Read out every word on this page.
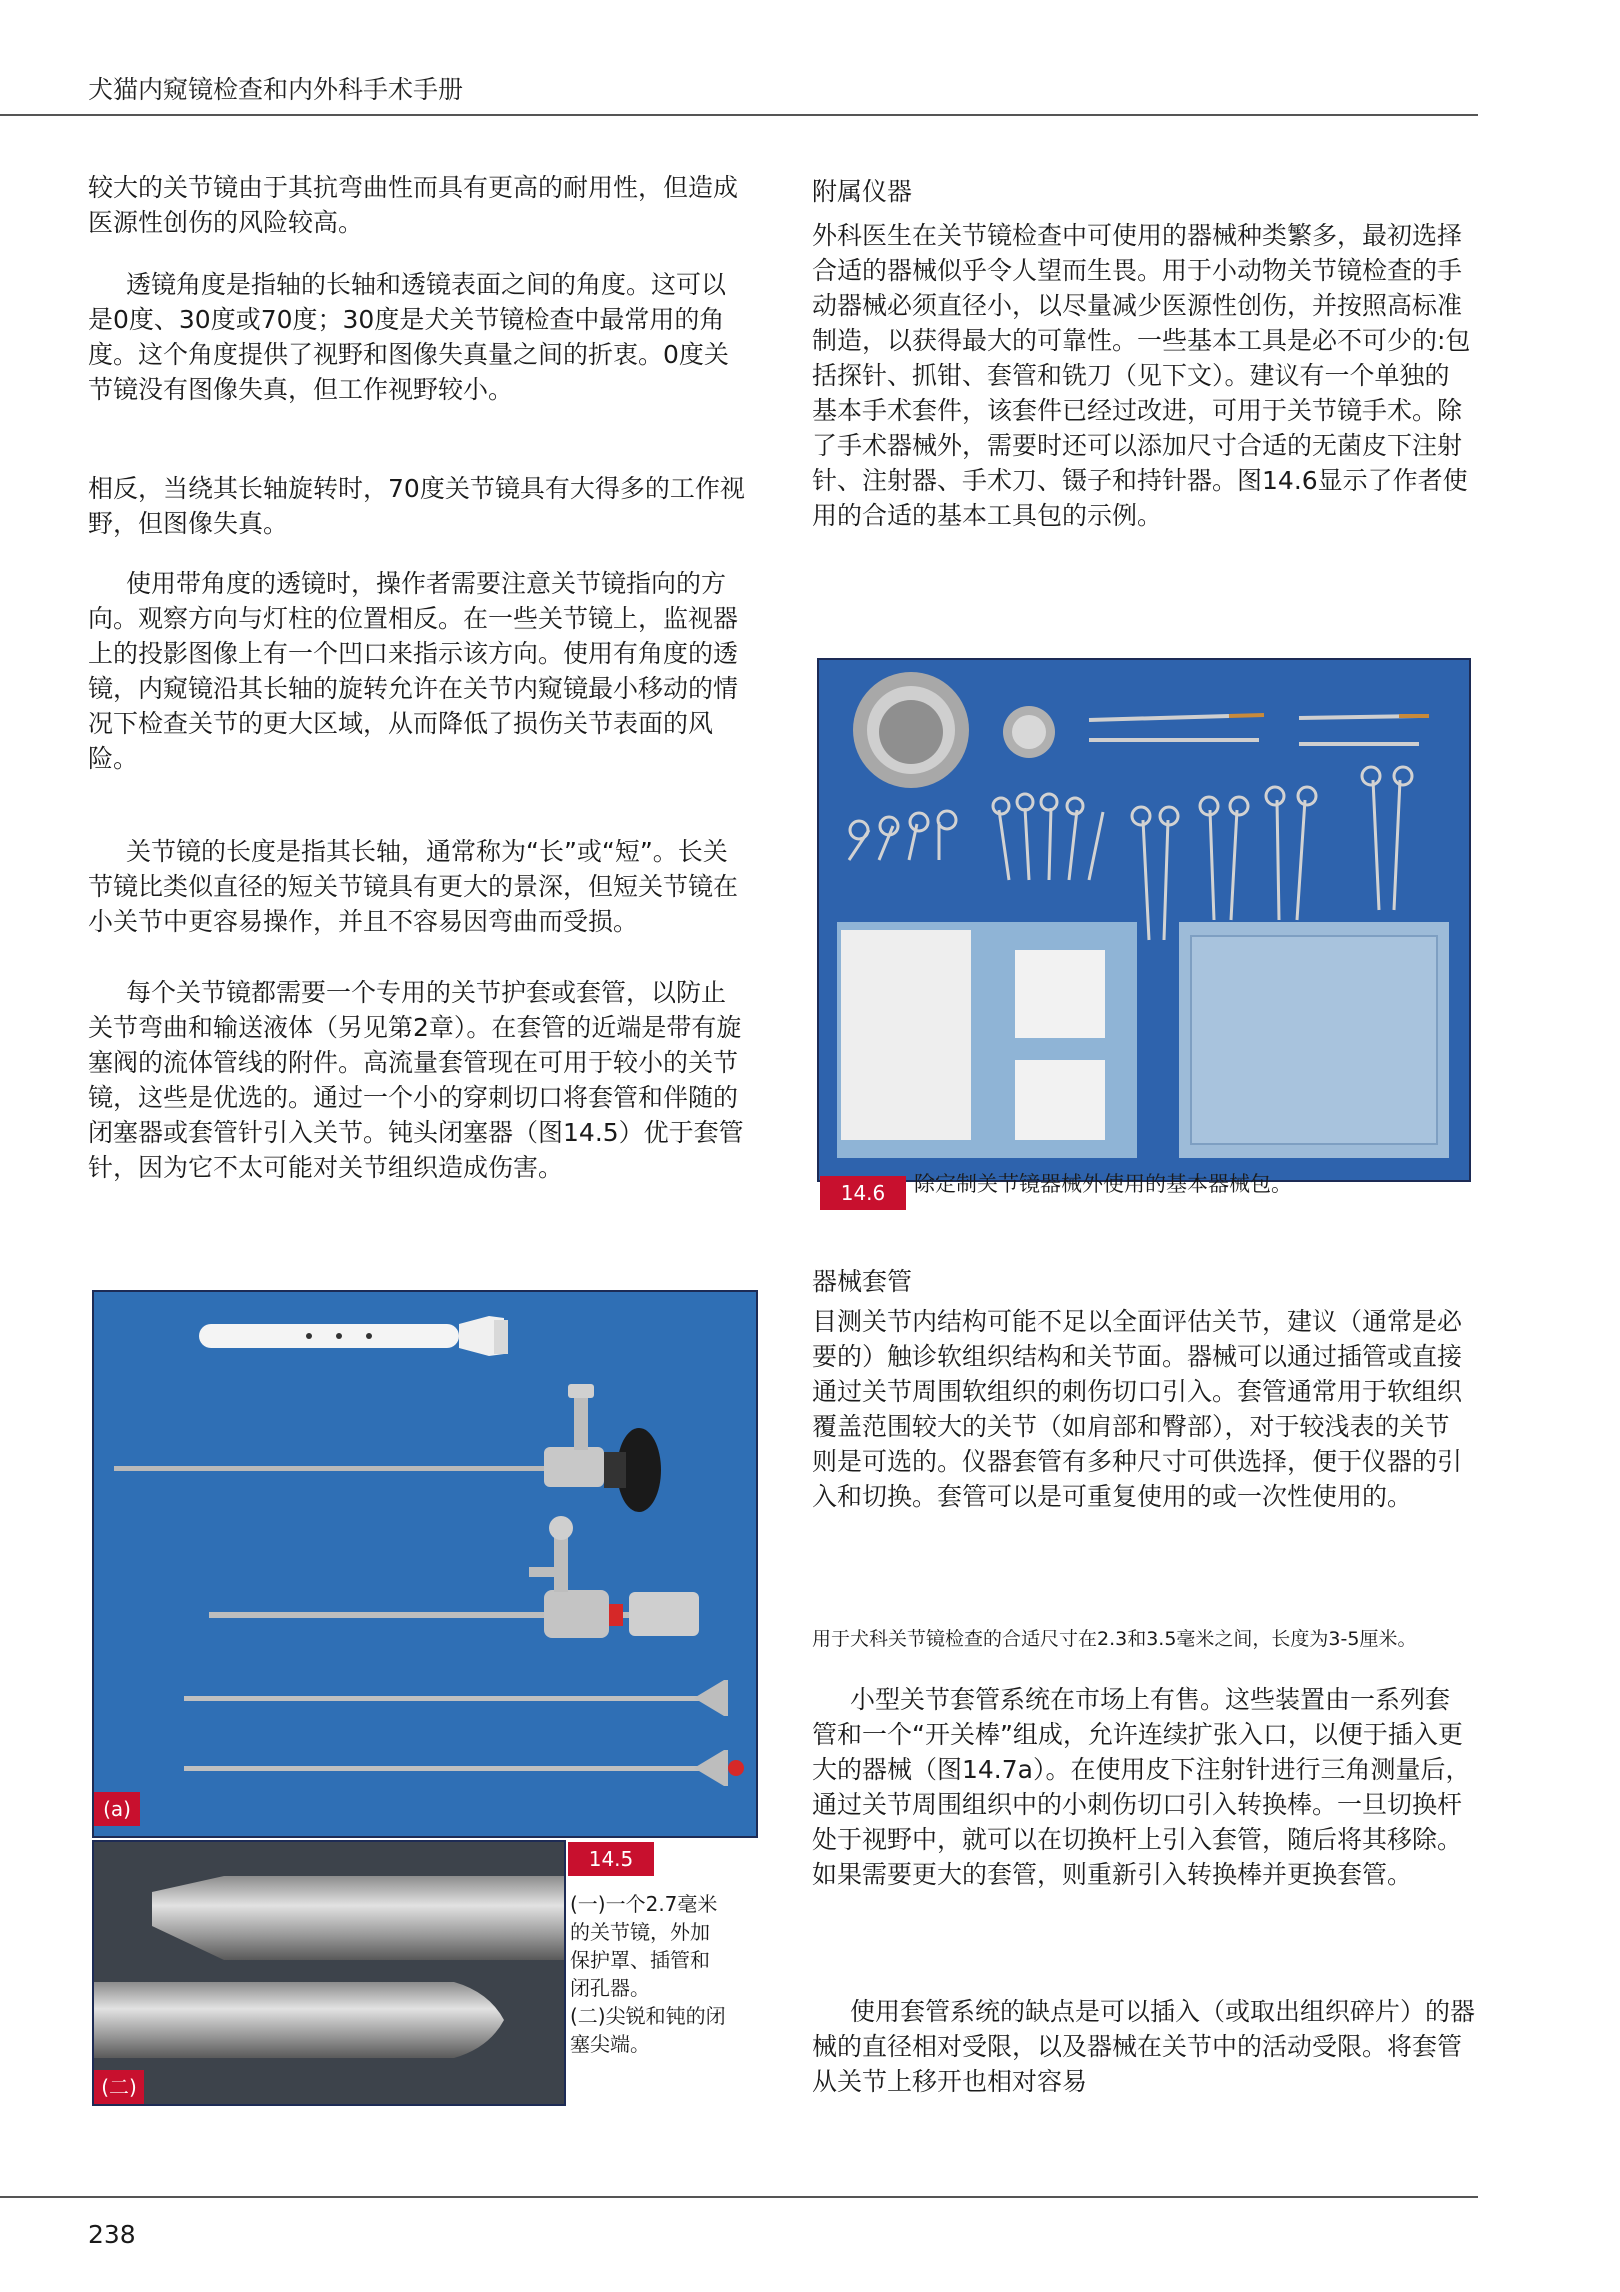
犬猫内窥镜检查和内外科手术手册

较大的关节镜由于其抗弯曲性而具有更高的耐用性，但造成医源性创伤的风险较高。

透镜角度是指轴的长轴和透镜表面之间的角度。这可以是0度、30度或70度；30度是犬关节镜检查中最常用的角度。这个角度提供了视野和图像失真量之间的折衷。0度关节镜没有图像失真，但工作视野较小。

相反，当绕其长轴旋转时，70度关节镜具有大得多的工作视野，但图像失真。

使用带角度的透镜时，操作者需要注意关节镜指向的方向。观察方向与灯柱的位置相反。在一些关节镜上，监视器上的投影图像上有一个凹口来指示该方向。使用有角度的透镜，内窥镜沿其长轴的旋转允许在关节内窥镜最小移动的情况下检查关节的更大区域，从而降低了损伤关节表面的风险。

关节镜的长度是指其长轴，通常称为“长”或“短”。长关节镜比类似直径的短关节镜具有更大的景深，但短关节镜在小关节中更容易操作，并且不容易因弯曲而受损。

每个关节镜都需要一个专用的关节护套或套管，以防止关节弯曲和输送液体（另见第2章）。在套管的近端是带有旋塞阀的流体管线的附件。高流量套管现在可用于较小的关节镜，这些是优选的。通过一个小的穿刺切口将套管和伴随的闭塞器或套管针引入关节。钝头闭塞器（图14.5）优于套管针，因为它不太可能对关节组织造成伤害。

(a)
(二)
14.5
(一)一个2.7毫米
的关节镜，外加
保护罩、插管和
闭孔器。
(二)尖锐和钝的闭
塞尖端。
附属仪器

外科医生在关节镜检查中可使用的器械种类繁多，最初选择合适的器械似乎令人望而生畏。用于小动物关节镜检查的手动器械必须直径小，以尽量减少医源性创伤，并按照高标准制造，以获得最大的可靠性。一些基本工具是必不可少的:包括探针、抓钳、套管和铣刀（见下文）。建议有一个单独的基本手术套件，该套件已经过改进，可用于关节镜手术。除了手术器械外，需要时还可以添加尺寸合适的无菌皮下注射针、注射器、手术刀、镊子和持针器。图14.6显示了作者使用的合适的基本工具包的示例。

14.6	除定制关节镜器械外使用的基本器械包。
器械套管

目测关节内结构可能不足以全面评估关节，建议（通常是必要的）触诊软组织结构和关节面。器械可以通过插管或直接通过关节周围软组织的刺伤切口引入。套管通常用于软组织覆盖范围较大的关节（如肩部和臀部），对于较浅表的关节则是可选的。仪器套管有多种尺寸可供选择，便于仪器的引入和切换。套管可以是可重复使用的或一次性使用的。

用于犬科关节镜检查的合适尺寸在2.3和3.5毫米之间，长度为3-5厘米。

小型关节套管系统在市场上有售。这些装置由一系列套管和一个“开关棒”组成，允许连续扩张入口，以便于插入更大的器械（图14.7a）。在使用皮下注射针进行三角测量后，通过关节周围组织中的小刺伤切口引入转换棒。一旦切换杆处于视野中，就可以在切换杆上引入套管，随后将其移除。如果需要更大的套管，则重新引入转换棒并更换套管。

使用套管系统的缺点是可以插入（或取出组织碎片）的器械的直径相对受限，以及器械在关节中的活动受限。将套管从关节上移开也相对容易

238
